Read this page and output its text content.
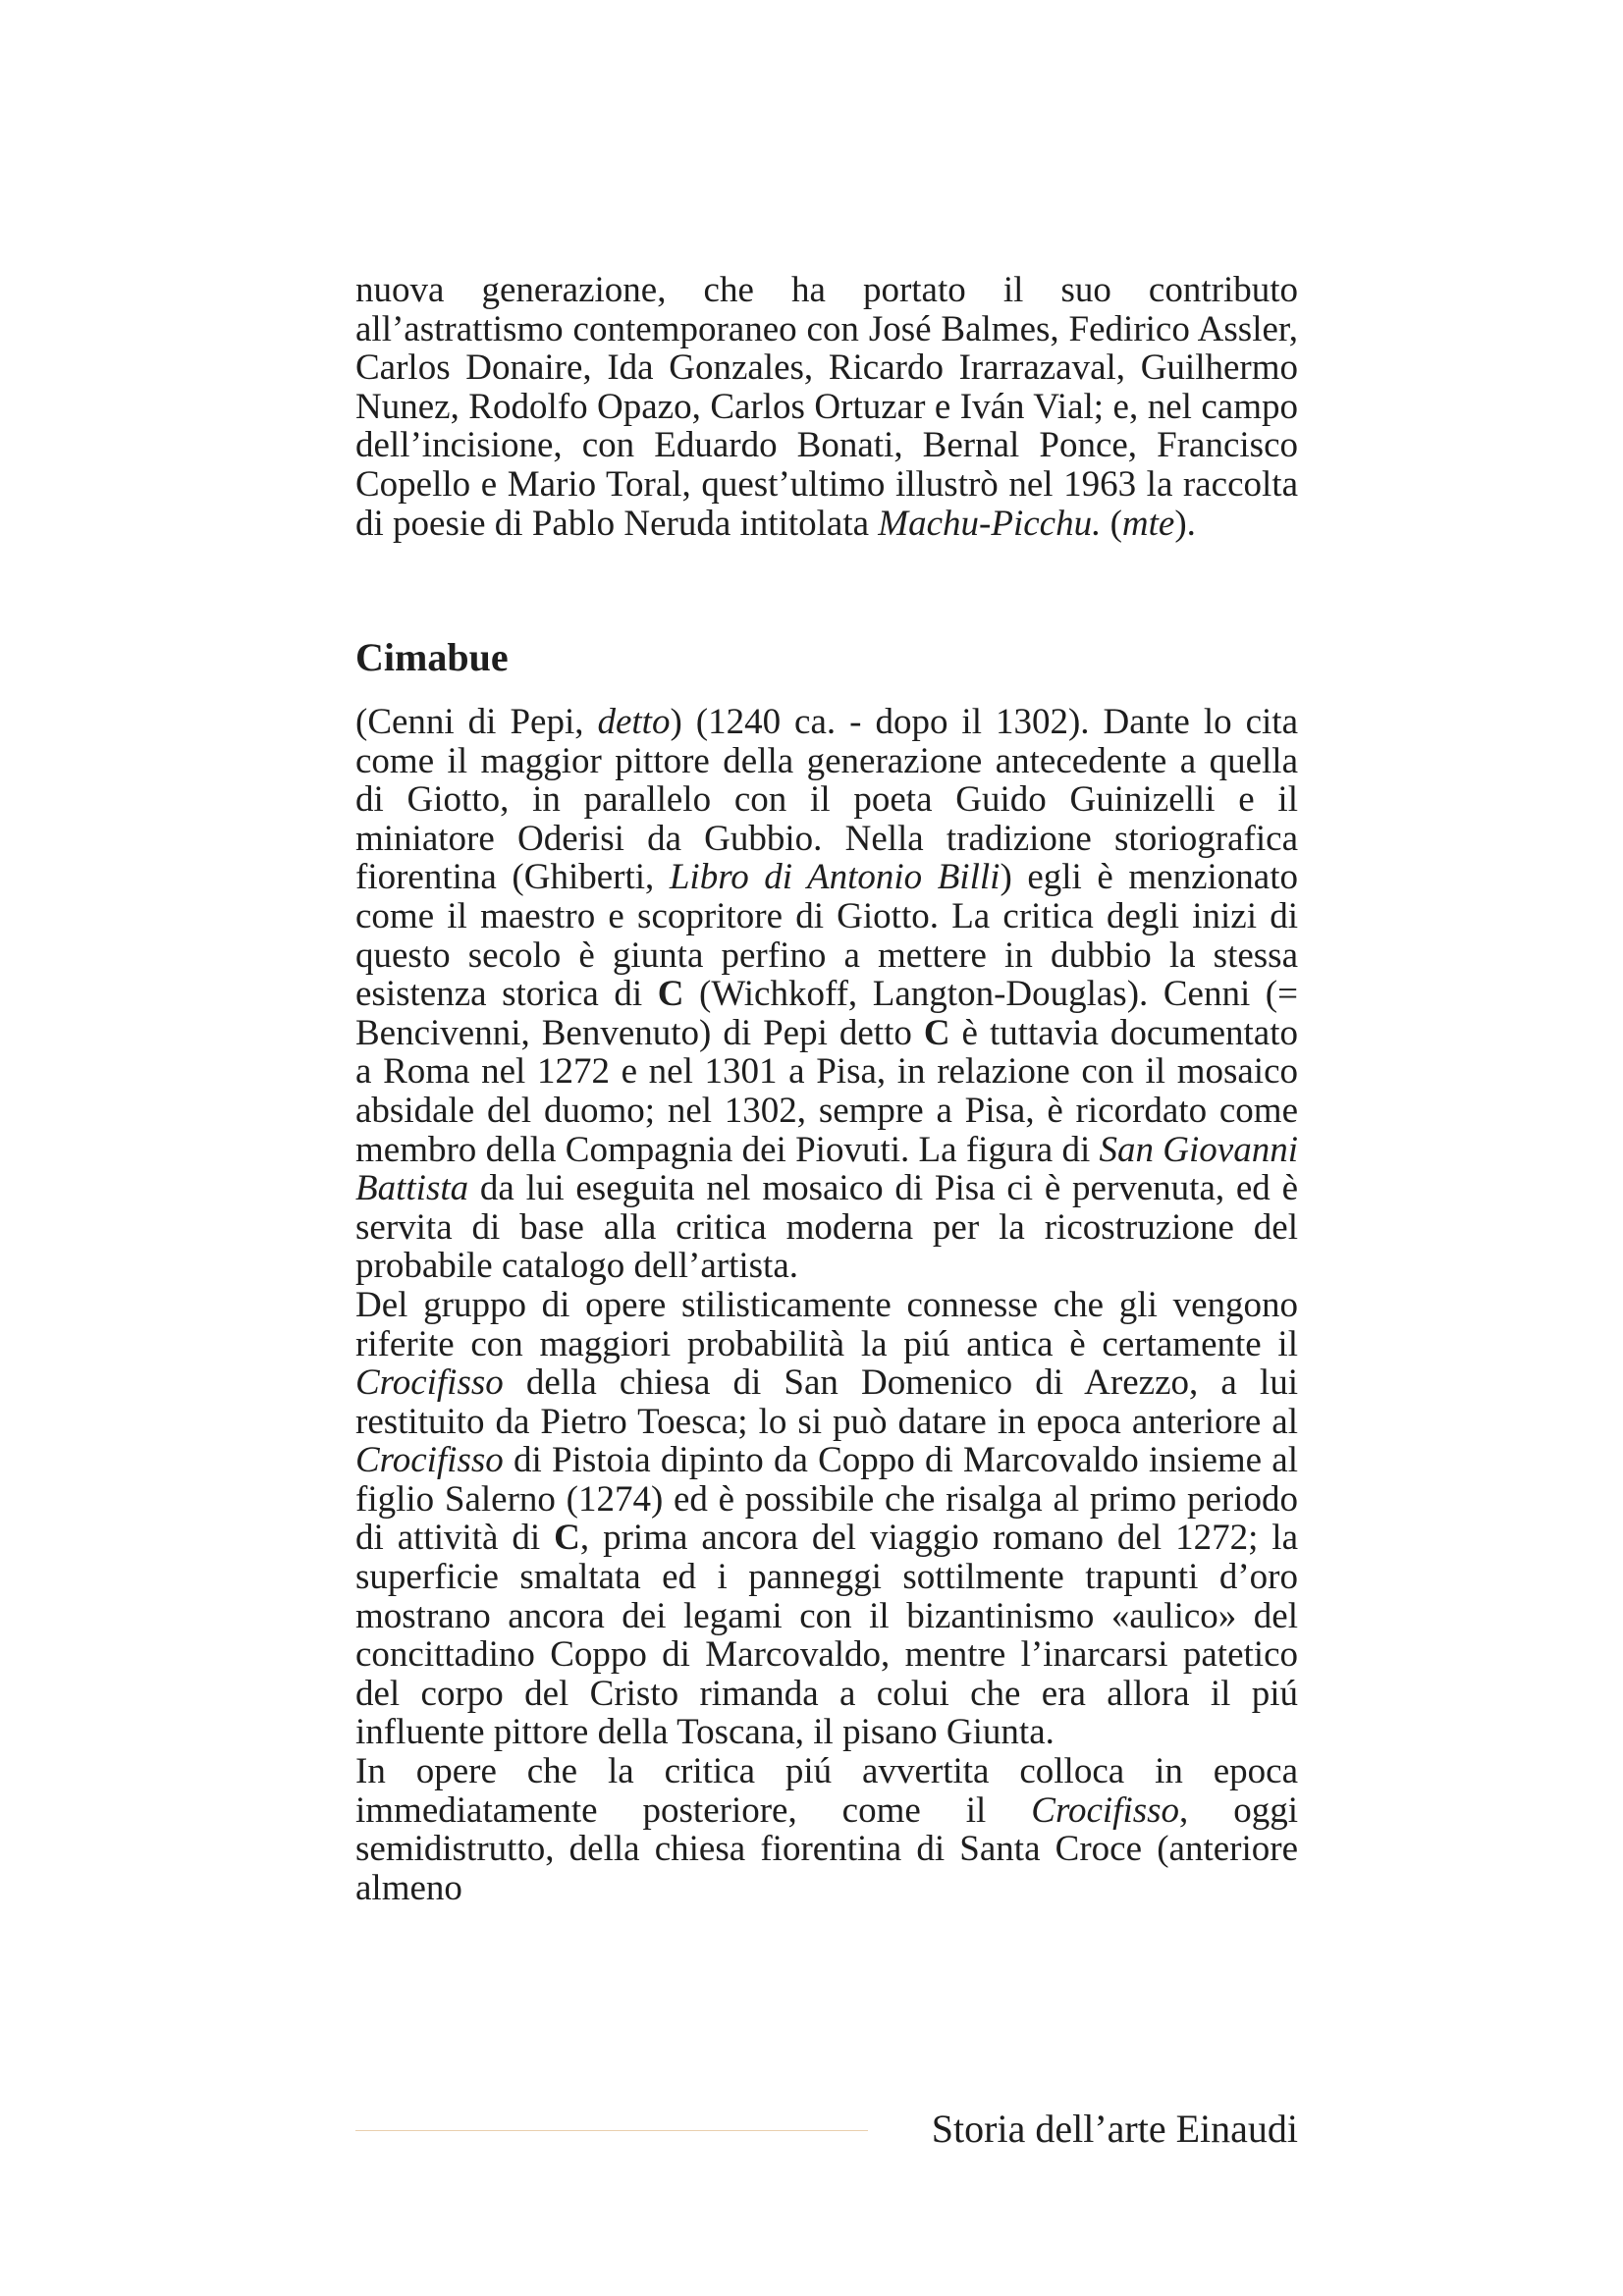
nuova generazione, che ha portato il suo contributo all’astrattismo contemporaneo con José Balmes, Fedirico Assler, Carlos Donaire, Ida Gonzales, Ricardo Irarrazaval, Guilhermo Nunez, Rodolfo Opazo, Carlos Ortuzar e Iván Vial; e, nel campo dell’incisione, con Eduardo Bonati, Bernal Ponce, Francisco Copello e Mario Toral, quest’ultimo illustrò nel 1963 la raccolta di poesie di Pablo Neruda intitolata Machu-Picchu. (mte).

Cimabue

(Cenni di Pepi, detto) (1240 ca. - dopo il 1302). Dante lo cita come il maggior pittore della generazione antecedente a quella di Giotto, in parallelo con il poeta Guido Guinizelli e il miniatore Oderisi da Gubbio. Nella tradizione storiografica fiorentina (Ghiberti, Libro di Antonio Billi) egli è menzionato come il maestro e scopritore di Giotto. La critica degli inizi di questo secolo è giunta perfino a mettere in dubbio la stessa esistenza storica di C (Wichkoff, Langton-Douglas). Cenni (= Bencivenni, Benvenuto) di Pepi detto C è tuttavia documentato a Roma nel 1272 e nel 1301 a Pisa, in relazione con il mosaico absidale del duomo; nel 1302, sempre a Pisa, è ricordato come membro della Compagnia dei Piovuti. La figura di San Giovanni Battista da lui eseguita nel mosaico di Pisa ci è pervenuta, ed è servita di base alla critica moderna per la ricostruzione del probabile catalogo dell’artista.

Del gruppo di opere stilisticamente connesse che gli vengono riferite con maggiori probabilità la piú antica è certamente il Crocifisso della chiesa di San Domenico di Arezzo, a lui restituito da Pietro Toesca; lo si può datare in epoca anteriore al Crocifisso di Pistoia dipinto da Coppo di Marcovaldo insieme al figlio Salerno (1274) ed è possibile che risalga al primo periodo di attività di C, prima ancora del viaggio romano del 1272; la superficie smaltata ed i panneggi sottilmente trapunti d’oro mostrano ancora dei legami con il bizantinismo «aulico» del concittadino Coppo di Marcovaldo, mentre l’inarcarsi patetico del corpo del Cristo rimanda a colui che era allora il piú influente pittore della Toscana, il pisano Giunta.

In opere che la critica piú avvertita colloca in epoca immediatamente posteriore, come il Crocifisso, oggi semidistrutto, della chiesa fiorentina di Santa Croce (anteriore almeno

Storia dell’arte Einaudi
